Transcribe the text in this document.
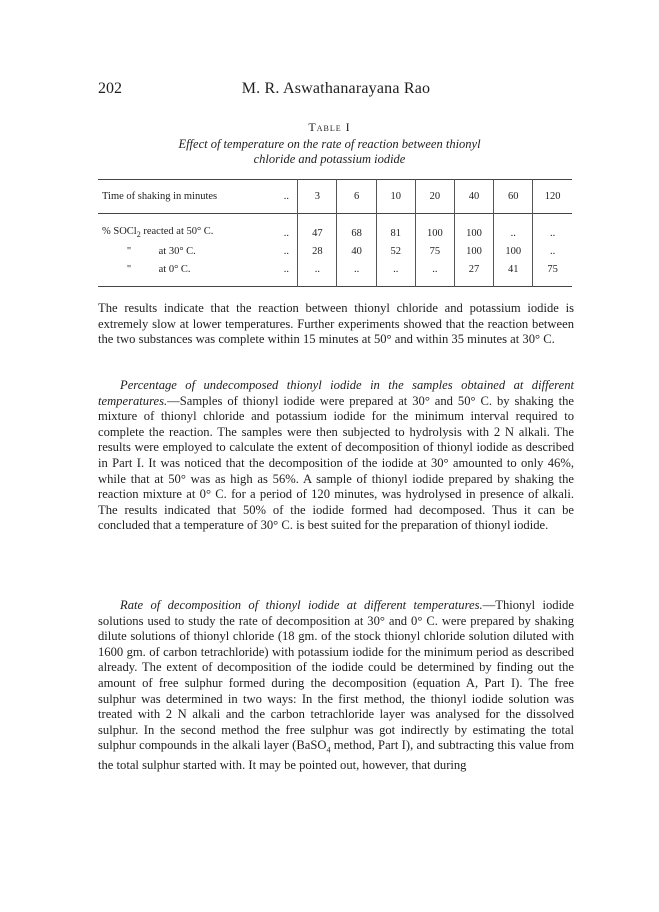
202	M. R. Aswathanarayana Rao
Table I
Effect of temperature on the rate of reaction between thionyl
chloride and potassium iodide
Time of shaking in minutes	..	3	6	10	20	40	60	120
% SOCl$_2$ reacted at 50° C.	..	47	68	81	100	100	..	..
" at 30° C.	..	28	40	52	75	100	100	..
" at 0° C.	..	..	..	..	..	27	41	75

The results indicate that the reaction between thionyl chloride and potassium iodide is extremely slow at lower temperatures. Further experiments showed that the reaction between the two substances was complete within 15 minutes at 50° and within 35 minutes at 30° C.

Percentage of undecomposed thionyl iodide in the samples obtained at different temperatures.—Samples of thionyl iodide were prepared at 30° and 50° C. by shaking the mixture of thionyl chloride and potassium iodide for the minimum interval required to complete the reaction. The samples were then subjected to hydrolysis with 2 N alkali. The results were employed to calculate the extent of decomposition of thionyl iodide as described in Part I. It was noticed that the decomposition of the iodide at 30° amounted to only 46%, while that at 50° was as high as 56%. A sample of thionyl iodide prepared by shaking the reaction mixture at 0° C. for a period of 120 minutes, was hydrolysed in presence of alkali. The results indicated that 50% of the iodide formed had decomposed. Thus it can be concluded that a temperature of 30° C. is best suited for the preparation of thionyl iodide.

Rate of decomposition of thionyl iodide at different temperatures.—Thionyl iodide solutions used to study the rate of decomposition at 30° and 0° C. were prepared by shaking dilute solutions of thionyl chloride (18 gm. of the stock thionyl chloride solution diluted with 1600 gm. of carbon tetrachloride) with potassium iodide for the minimum period as described already. The extent of decomposition of the iodide could be determined by finding out the amount of free sulphur formed during the decomposition (equation A, Part I). The free sulphur was determined in two ways: In the first method, the thionyl iodide solution was treated with 2 N alkali and the carbon tetrachloride layer was analysed for the dissolved sulphur. In the second method the free sulphur was got indirectly by estimating the total sulphur compounds in the alkali layer (BaSO$_4$ method, Part I), and subtracting this value from the total sulphur started with. It may be pointed out, however, that during
